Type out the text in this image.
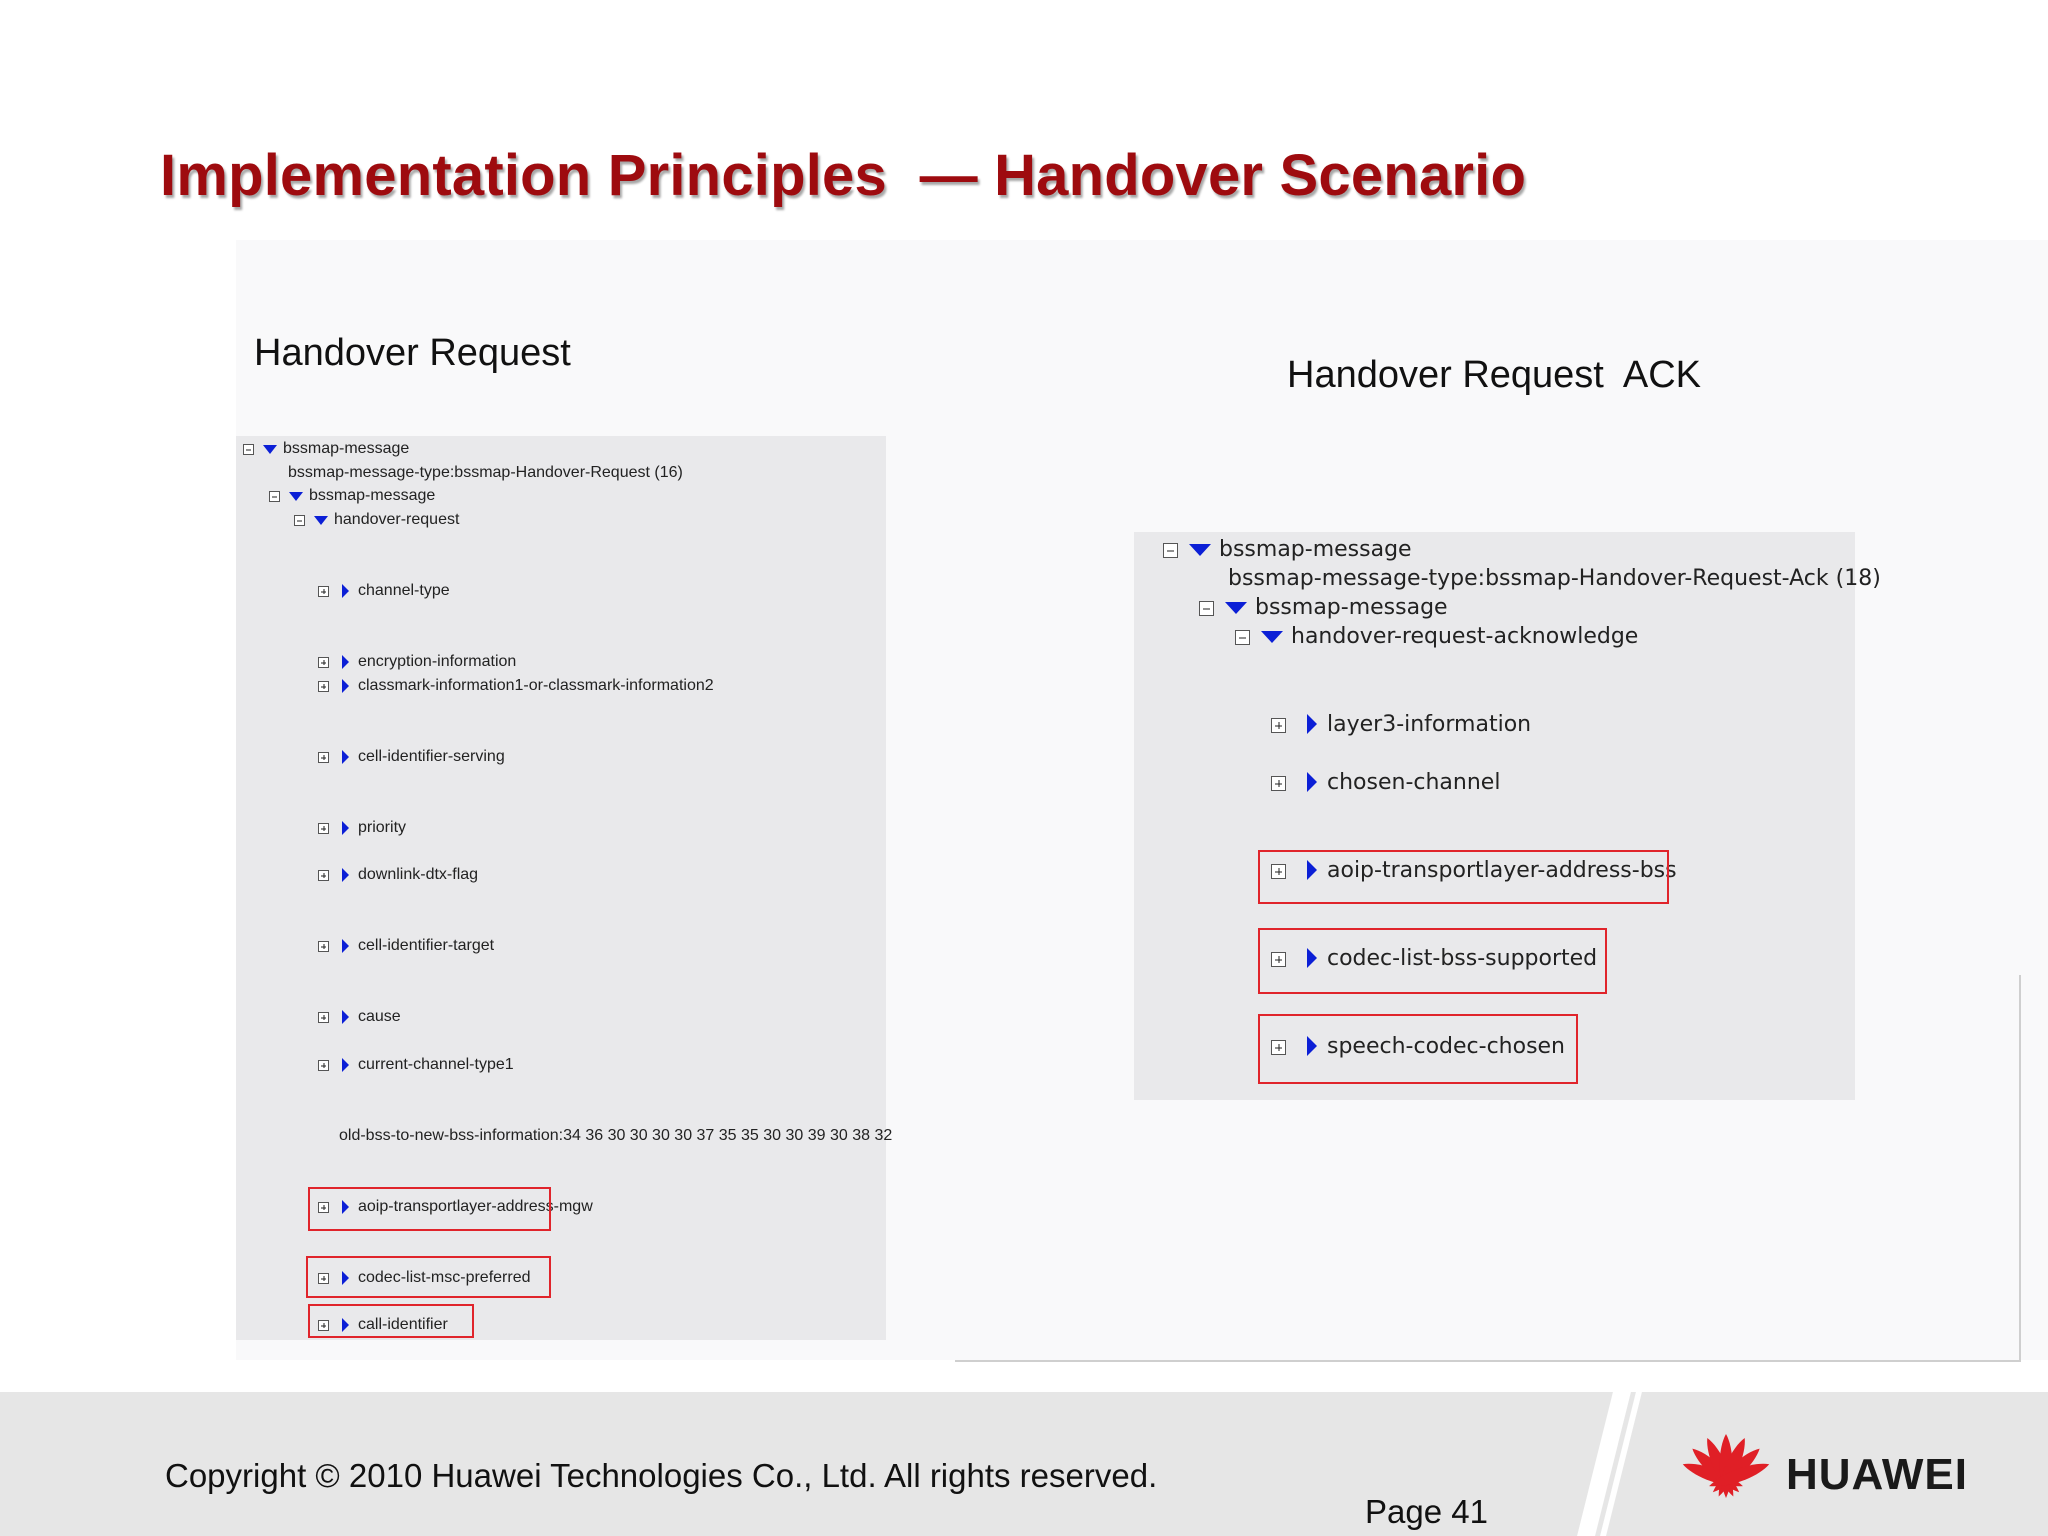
Implementation Principles  — Handover Scenario
Handover Request
Handover Request  ACK
bssmap-message
bssmap-message-type:bssmap-Handover-Request (16)
bssmap-message
handover-request
channel-type
encryption-information
classmark-information1-or-classmark-information2
cell-identifier-serving
priority
downlink-dtx-flag
cell-identifier-target
cause
current-channel-type1
old-bss-to-new-bss-information:34 36 30 30 30 30 37 35 35 30 30 39 30 38 32
aoip-transportlayer-address-mgw
codec-list-msc-preferred
call-identifier
bssmap-message
bssmap-message-type:bssmap-Handover-Request-Ack (18)
bssmap-message
handover-request-acknowledge
layer3-information
chosen-channel
aoip-transportlayer-address-bss
codec-list-bss-supported
speech-codec-chosen
Copyright © 2010 Huawei Technologies Co., Ltd. All rights reserved.
Page 41
HUAWEI
